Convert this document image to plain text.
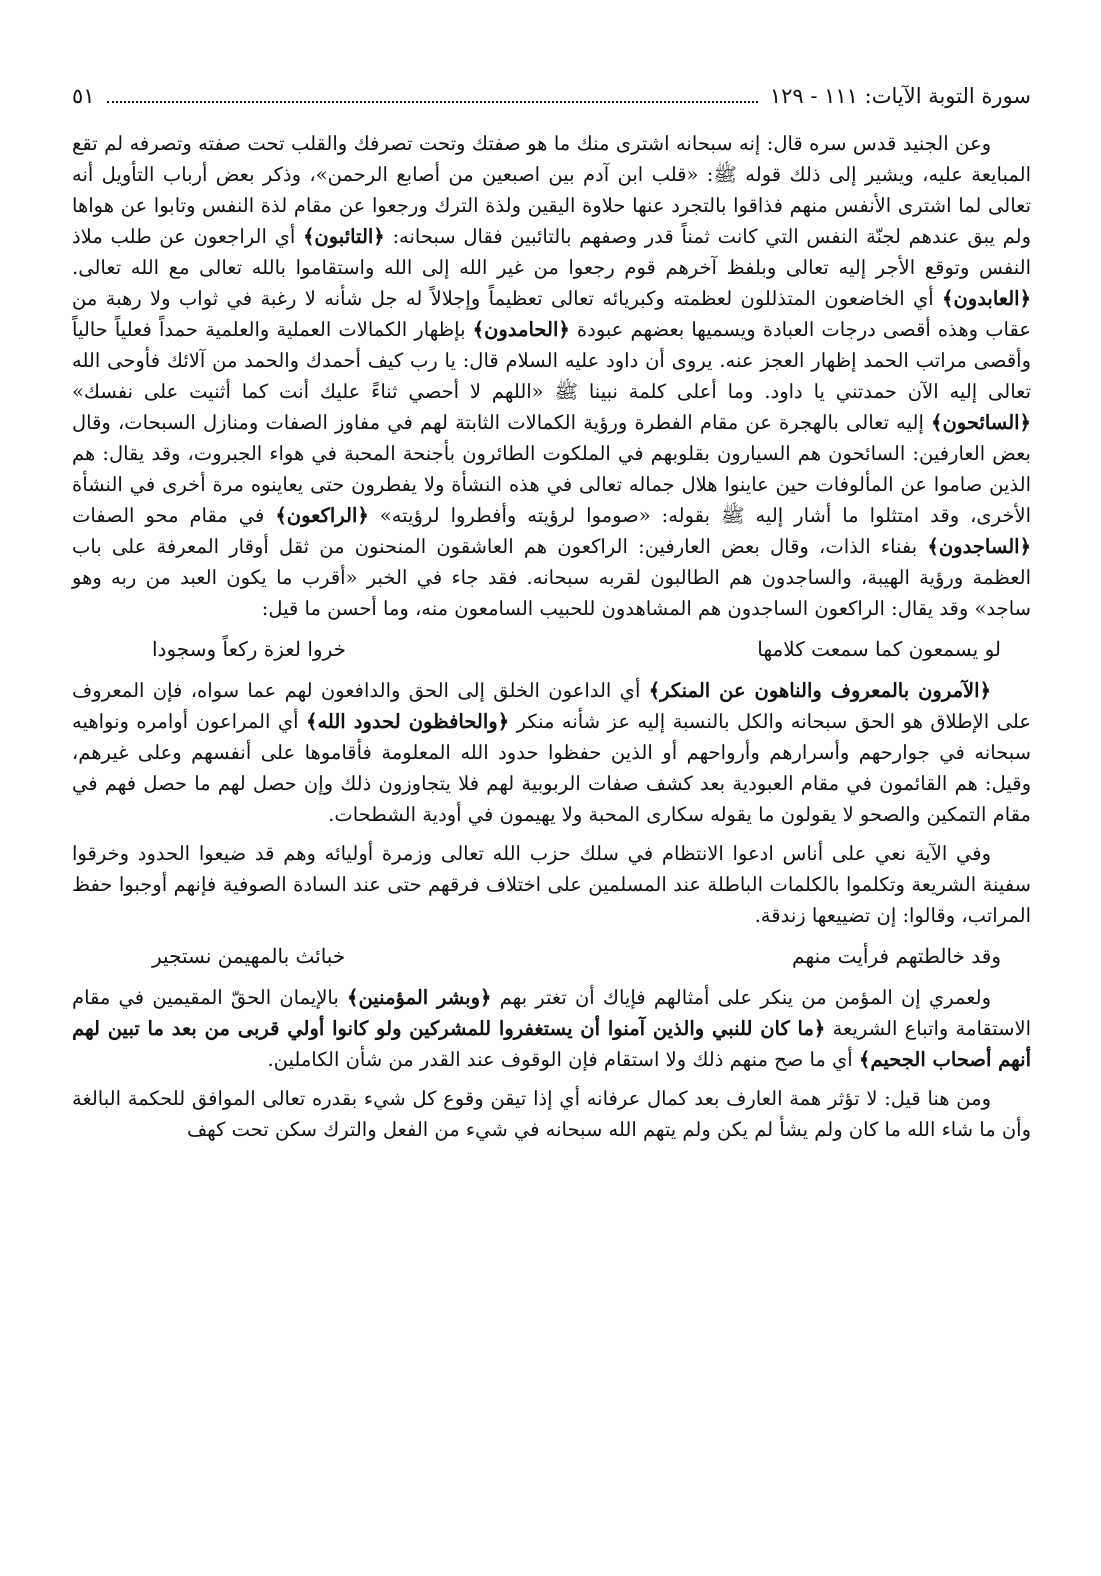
سورة التوبة الآيات: ١١١ - ١٢٩
٥١

وعن الجنيد قدس سره قال: إنه سبحانه اشترى منك ما هو صفتك وتحت تصرفك والقلب تحت صفته وتصرفه لم تقع المبايعة عليه، ويشير إلى ذلك قوله ﷺ: «قلب ابن آدم بين اصبعين من أصابع الرحمن»، وذكر بعض أرباب التأويل أنه تعالى لما اشترى الأنفس منهم فذاقوا بالتجرد عنها حلاوة اليقين ولذة الترك ورجعوا عن مقام لذة النفس وتابوا عن هواها ولم يبق عندهم لجنّة النفس التي كانت ثمناً قدر وصفهم بالتائبين فقال سبحانه: ﴿التائبون﴾ أي الراجعون عن طلب ملاذ النفس وتوقع الأجر إليه تعالى وبلفظ آخرهم قوم رجعوا من غير الله إلى الله واستقاموا بالله تعالى مع الله تعالى. ﴿العابدون﴾ أي الخاضعون المتذللون لعظمته وكبريائه تعالى تعظيماً وإجلالاً له جل شأنه لا رغبة في ثواب ولا رهبة من عقاب وهذه أقصى درجات العبادة ويسميها بعضهم عبودة ﴿الحامدون﴾ بإظهار الكمالات العملية والعلمية حمداً فعلياً حالياً وأقصى مراتب الحمد إظهار العجز عنه. يروى أن داود عليه السلام قال: يا رب كيف أحمدك والحمد من آلائك فأوحى الله تعالى إليه الآن حمدتني يا داود. وما أعلى كلمة نبينا ﷺ «اللهم لا أحصي ثناءً عليك أنت كما أثنيت على نفسك» ﴿السائحون﴾ إليه تعالى بالهجرة عن مقام الفطرة ورؤية الكمالات الثابتة لهم في مفاوز الصفات ومنازل السبحات، وقال بعض العارفين: السائحون هم السيارون بقلوبهم في الملكوت الطائرون بأجنحة المحبة في هواء الجبروت، وقد يقال: هم الذين صاموا عن المألوفات حين عاينوا هلال جماله تعالى في هذه النشأة ولا يفطرون حتى يعاينوه مرة أخرى في النشأة الأخرى، وقد امتثلوا ما أشار إليه ﷺ بقوله: «صوموا لرؤيته وأفطروا لرؤيته» ﴿الراكعون﴾ في مقام محو الصفات ﴿الساجدون﴾ بفناء الذات، وقال بعض العارفين: الراكعون هم العاشقون المنحنون من ثقل أوقار المعرفة على باب العظمة ورؤية الهيبة، والساجدون هم الطالبون لقربه سبحانه. فقد جاء في الخبر «أقرب ما يكون العبد من ربه وهو ساجد» وقد يقال: الراكعون الساجدون هم المشاهدون للحبيب السامعون منه، وما أحسن ما قيل:

لو يسمعون كما سمعت كلامها
خروا لعزة ركعاً وسجودا

﴿الآمرون بالمعروف والناهون عن المنكر﴾ أي الداعون الخلق إلى الحق والدافعون لهم عما سواه، فإن المعروف على الإطلاق هو الحق سبحانه والكل بالنسبة إليه عز شأنه منكر ﴿والحافظون لحدود الله﴾ أي المراعون أوامره ونواهيه سبحانه في جوارحهم وأسرارهم وأرواحهم أو الذين حفظوا حدود الله المعلومة فأقاموها على أنفسهم وعلى غيرهم، وقيل: هم القائمون في مقام العبودية بعد كشف صفات الربوبية لهم فلا يتجاوزون ذلك وإن حصل لهم ما حصل فهم في مقام التمكين والصحو لا يقولون ما يقوله سكارى المحبة ولا يهيمون في أودية الشطحات.

وفي الآية نعي على أناس ادعوا الانتظام في سلك حزب الله تعالى وزمرة أوليائه وهم قد ضيعوا الحدود وخرقوا سفينة الشريعة وتكلموا بالكلمات الباطلة عند المسلمين على اختلاف فرقهم حتى عند السادة الصوفية فإنهم أوجبوا حفظ المراتب، وقالوا: إن تضييعها زندقة.

وقد خالطتهم فرأيت منهم
خبائث بالمهيمن نستجير

ولعمري إن المؤمن من ينكر على أمثالهم فإياك أن تغتر بهم ﴿وبشر المؤمنين﴾ بالإيمان الحقّ المقيمين في مقام الاستقامة واتباع الشريعة ﴿ما كان للنبي والذين آمنوا أن يستغفروا للمشركين ولو كانوا أولي قربى من بعد ما تبين لهم أنهم أصحاب الجحيم﴾ أي ما صح منهم ذلك ولا استقام فإن الوقوف عند القدر من شأن الكاملين.

ومن هنا قيل: لا تؤثر همة العارف بعد كمال عرفانه أي إذا تيقن وقوع كل شيء بقدره تعالى الموافق للحكمة البالغة وأن ما شاء الله ما كان ولم يشأ لم يكن ولم يتهم الله سبحانه في شيء من الفعل والترك سكن تحت كهف
